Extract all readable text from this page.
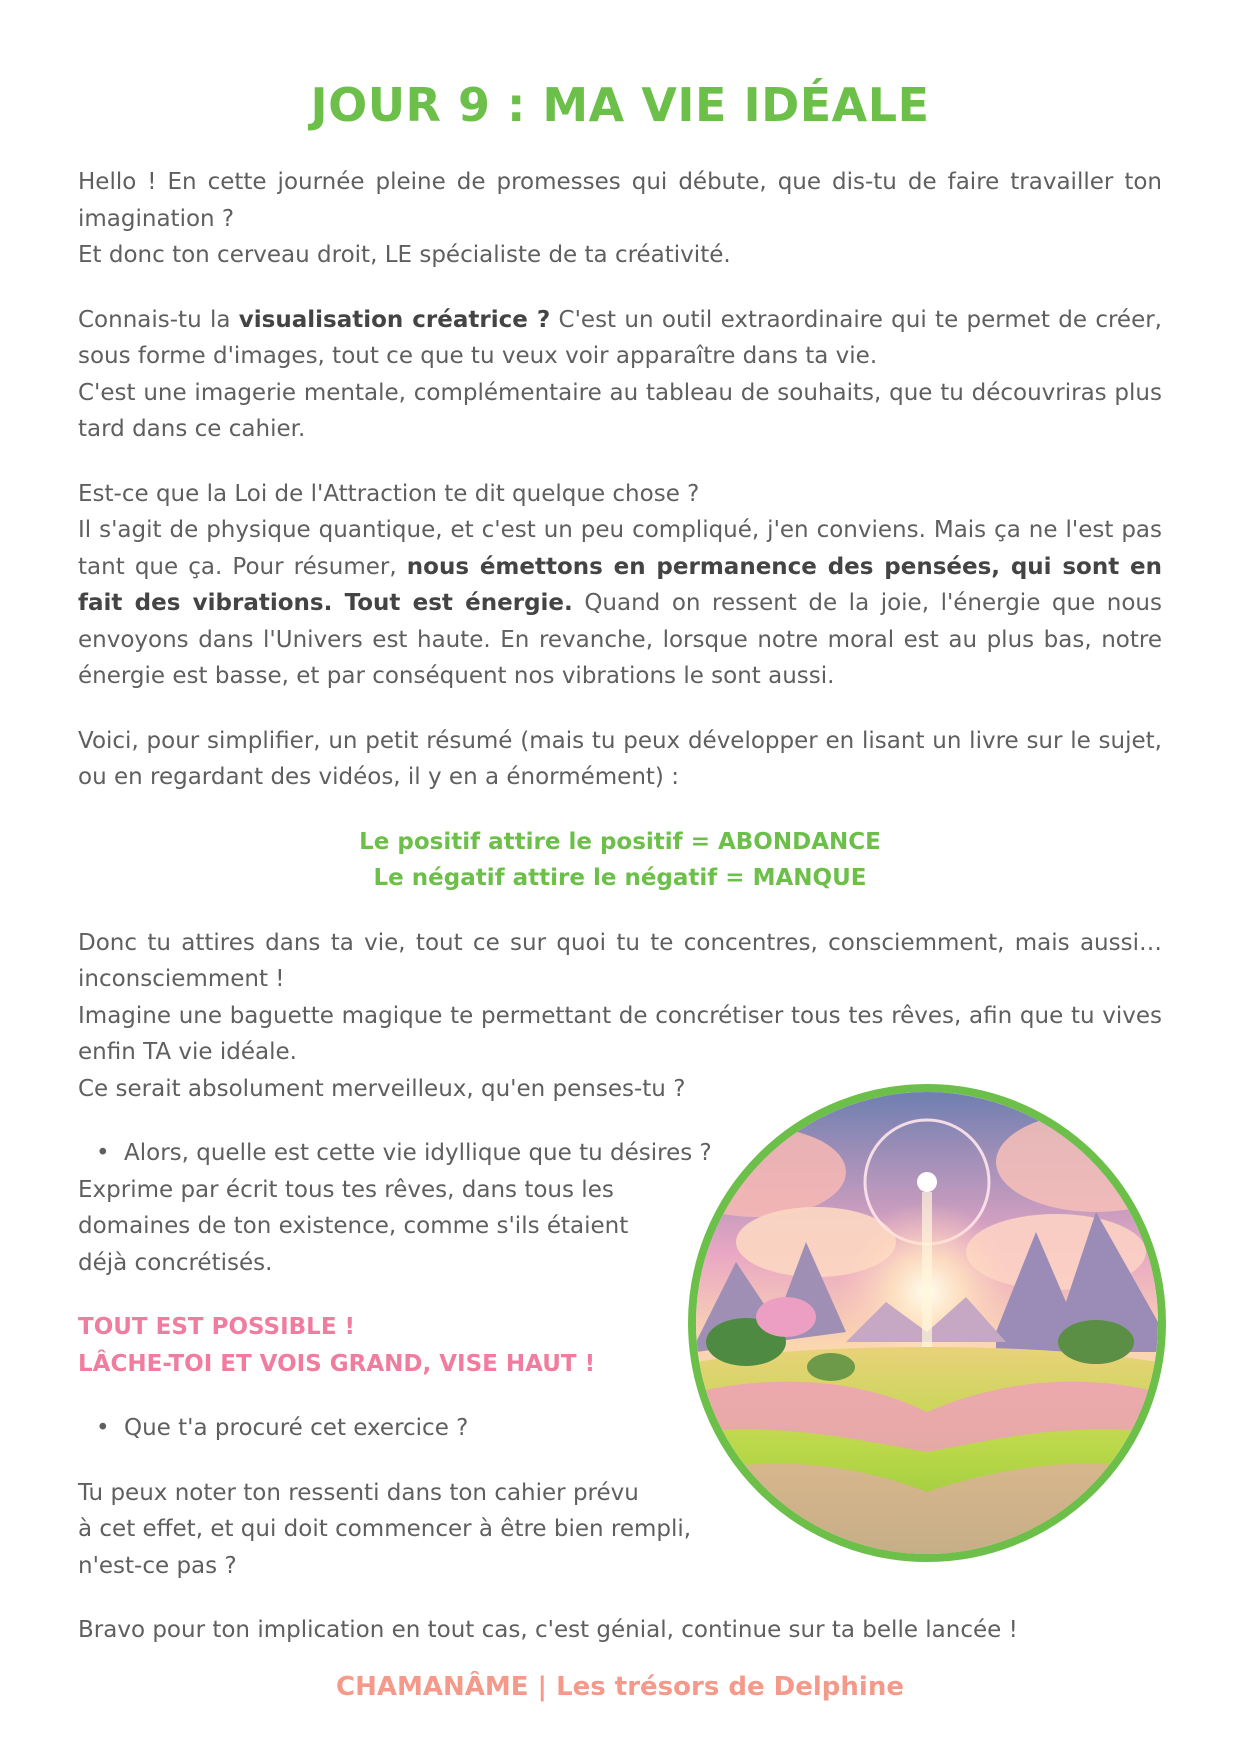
JOUR 9 : MA VIE IDÉALE

Hello ! En cette journée pleine de promesses qui débute, que dis-tu de faire travailler ton imagination ?
Et donc ton cerveau droit, LE spécialiste de ta créativité.

Connais-tu la visualisation créatrice ? C'est un outil extraordinaire qui te permet de créer, sous forme d'images, tout ce que tu veux voir apparaître dans ta vie.
C'est une imagerie mentale, complémentaire au tableau de souhaits, que tu découvriras plus tard dans ce cahier.

Est-ce que la Loi de l'Attraction te dit quelque chose ?
Il s'agit de physique quantique, et c'est un peu compliqué, j'en conviens. Mais ça ne l'est pas tant que ça. Pour résumer, nous émettons en permanence des pensées, qui sont en fait des vibrations. Tout est énergie. Quand on ressent de la joie, l'énergie que nous envoyons dans l'Univers est haute. En revanche, lorsque notre moral est au plus bas, notre énergie est basse, et par conséquent nos vibrations le sont aussi.

Voici, pour simplifier, un petit résumé (mais tu peux développer en lisant un livre sur le sujet, ou en regardant des vidéos, il y en a énormément) :

Le positif attire le positif = ABONDANCE
Le négatif attire le négatif = MANQUE

Donc tu attires dans ta vie, tout ce sur quoi tu te concentres, consciemment, mais aussi… inconsciemment !
Imagine une baguette magique te permettant de concrétiser tous tes rêves, afin que tu vives enfin TA vie idéale.
Ce serait absolument merveilleux, qu'en penses-tu ?

• Alors, quelle est cette vie idyllique que tu désires ?

Exprime par écrit tous tes rêves, dans tous les
domaines de ton existence, comme s'ils étaient
déjà concrétisés.

TOUT EST POSSIBLE !
LÂCHE-TOI ET VOIS GRAND, VISE HAUT !

• Que t'a procuré cet exercice ?

Tu peux noter ton ressenti dans ton cahier prévu
à cet effet, et qui doit commencer à être bien rempli,
n'est-ce pas ?

Bravo pour ton implication en tout cas, c'est génial, continue sur ta belle lancée !

CHAMANÂME | Les trésors de Delphine
